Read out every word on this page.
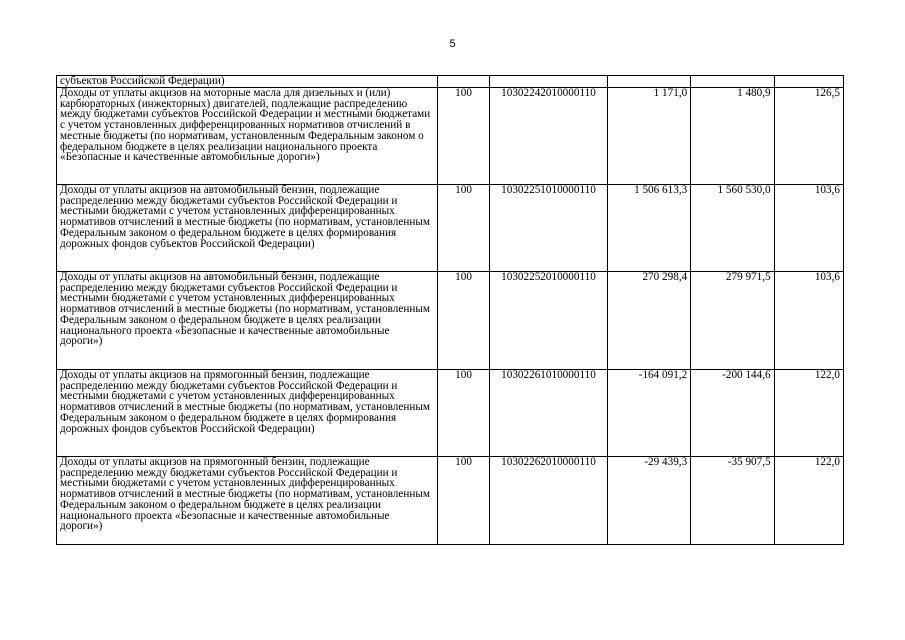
5
субъектов Российской Федерации)					
Доходы от уплаты акцизов на моторные масла для дизельных и (или) карбюраторных (инжекторных) двигателей, подлежащие распределению между бюджетами субъектов Российской Федерации и местными бюджетами с учетом установленных дифференцированных нормативов отчислений в местные бюджеты (по нормативам, установленным Федеральным законом о федеральном бюджете в целях реализации национального проекта «Безопасные и качественные автомобильные дороги»)	100	10302242010000110	1 171,0	1 480,9	126,5
Доходы от уплаты акцизов на автомобильный бензин, подлежащие распределению между бюджетами субъектов Российской Федерации и местными бюджетами с учетом установленных дифференцированных нормативов отчислений в местные бюджеты (по нормативам, установленным Федеральным законом о федеральном бюджете в целях формирования дорожных фондов субъектов Российской Федерации)	100	10302251010000110	1 506 613,3	1 560 530,0	103,6
Доходы от уплаты акцизов на автомобильный бензин, подлежащие распределению между бюджетами субъектов Российской Федерации и местными бюджетами с учетом установленных дифференцированных нормативов отчислений в местные бюджеты (по нормативам, установленным Федеральным законом о федеральном бюджете в целях реализации национального проекта «Безопасные и качественные автомобильные дороги»)	100	10302252010000110	270 298,4	279 971,5	103,6
Доходы от уплаты акцизов на прямогонный бензин, подлежащие распределению между бюджетами субъектов Российской Федерации и местными бюджетами с учетом установленных дифференцированных нормативов отчислений в местные бюджеты (по нормативам, установленным Федеральным законом о федеральном бюджете в целях формирования дорожных фондов субъектов Российской Федерации)	100	10302261010000110	-164 091,2	-200 144,6	122,0
Доходы от уплаты акцизов на прямогонный бензин, подлежащие распределению между бюджетами субъектов Российской Федерации и местными бюджетами с учетом установленных дифференцированных нормативов отчислений в местные бюджеты (по нормативам, установленным Федеральным законом о федеральном бюджете в целях реализации национального проекта «Безопасные и качественные автомобильные дороги»)	100	10302262010000110	-29 439,3	-35 907,5	122,0
